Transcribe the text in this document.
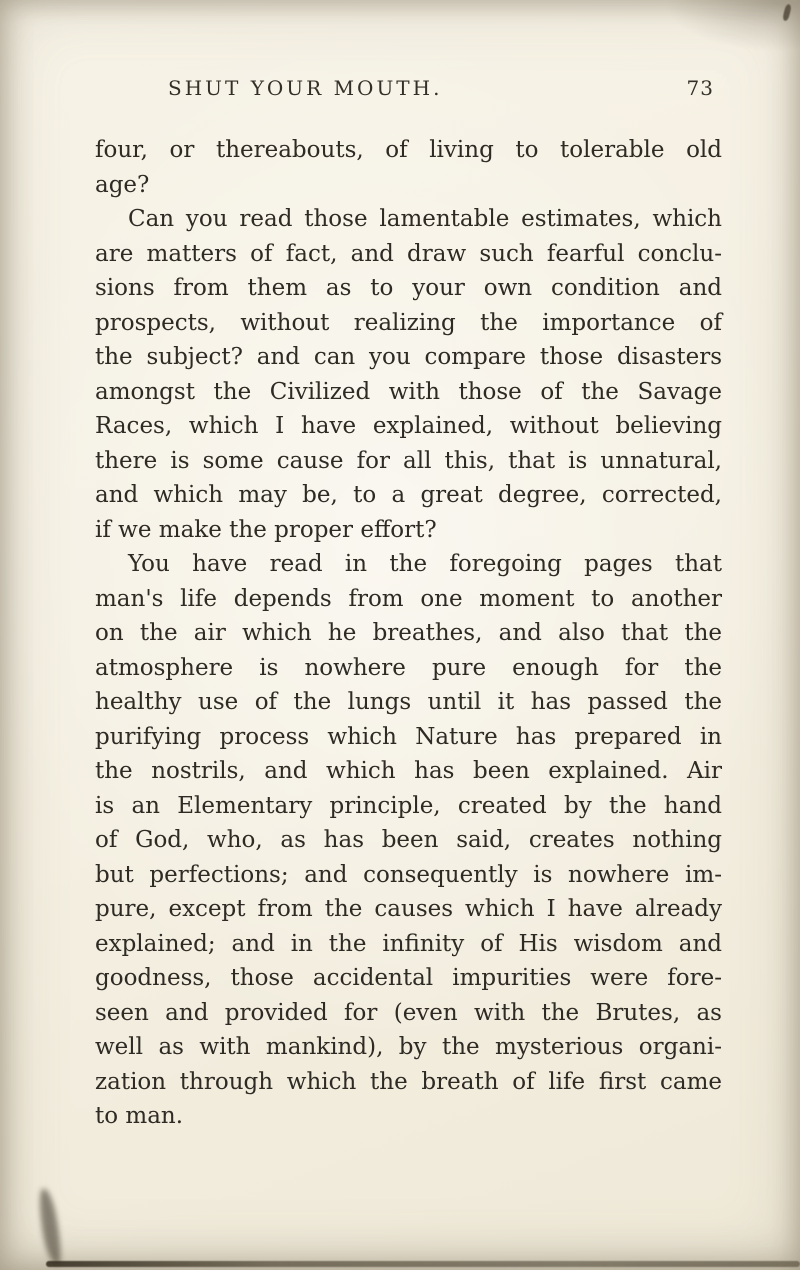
SHUT YOUR MOUTH.	73
four, or thereabouts, of living to tolerable old
age?
Can you read those lamentable estimates, which
are matters of fact, and draw such fearful conclu-
sions from them as to your own condition and
prospects, without realizing the importance of
the subject? and can you compare those disasters
amongst the Civilized with those of the Savage
Races, which I have explained, without believing
there is some cause for all this, that is unnatural,
and which may be, to a great degree, corrected,
if we make the proper effort?
You have read in the foregoing pages that
man's life depends from one moment to another
on the air which he breathes, and also that the
atmosphere is nowhere pure enough for the
healthy use of the lungs until it has passed the
purifying process which Nature has prepared in
the nostrils, and which has been explained. Air
is an Elementary principle, created by the hand
of God, who, as has been said, creates nothing
but perfections; and consequently is nowhere im-
pure, except from the causes which I have already
explained; and in the infinity of His wisdom and
goodness, those accidental impurities were fore-
seen and provided for (even with the Brutes, as
well as with mankind), by the mysterious organi-
zation through which the breath of life first came
to man.
